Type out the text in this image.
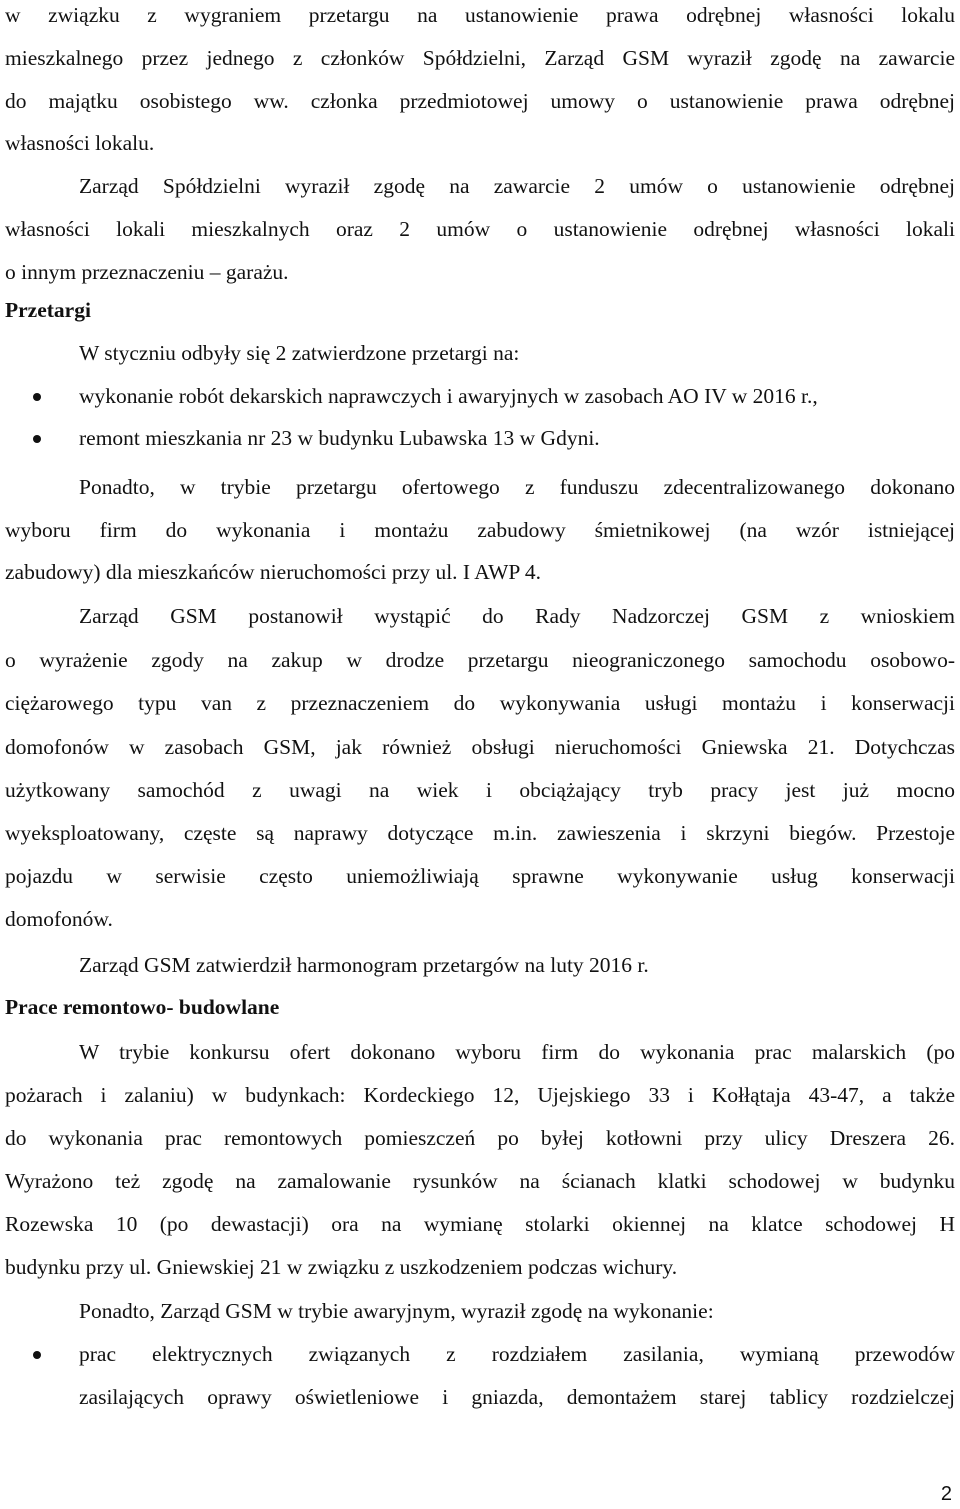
w związku z wygraniem przetargu na ustanowienie prawa odrębnej własności lokalu
mieszkalnego przez jednego z członków Spółdzielni, Zarząd GSM wyraził zgodę na zawarcie
do majątku osobistego ww. członka przedmiotowej umowy o ustanowienie prawa odrębnej
własności lokalu.
Zarząd Spółdzielni wyraził zgodę na zawarcie 2 umów o ustanowienie odrębnej
własności lokali mieszkalnych oraz 2 umów o ustanowienie odrębnej własności lokali
o innym przeznaczeniu – garażu.
Przetargi
W styczniu odbyły się 2 zatwierdzone przetargi na:
wykonanie robót dekarskich naprawczych i awaryjnych w zasobach AO IV w 2016 r.,
remont mieszkania nr 23 w budynku Lubawska 13 w Gdyni.
Ponadto, w trybie przetargu ofertowego z funduszu zdecentralizowanego dokonano
wyboru firm do wykonania i montażu zabudowy śmietnikowej (na wzór istniejącej
zabudowy) dla mieszkańców nieruchomości przy ul. I AWP 4.
Zarząd GSM postanowił wystąpić do Rady Nadzorczej GSM z wnioskiem
o wyrażenie zgody na zakup w drodze przetargu nieograniczonego samochodu osobowo-
ciężarowego typu van z przeznaczeniem do wykonywania usługi montażu i konserwacji
domofonów w zasobach GSM, jak również obsługi nieruchomości Gniewska 21. Dotychczas
użytkowany samochód z uwagi na wiek i obciążający tryb pracy jest już mocno
wyeksploatowany, częste są naprawy dotyczące m.in. zawieszenia i skrzyni biegów. Przestoje
pojazdu w serwisie często uniemożliwiają sprawne wykonywanie usług konserwacji
domofonów.
Zarząd GSM zatwierdził harmonogram przetargów na luty 2016 r.
Prace remontowo- budowlane
W trybie konkursu ofert dokonano wyboru firm do wykonania prac malarskich (po
pożarach i zalaniu) w budynkach: Kordeckiego 12, Ujejskiego 33 i Kołłątaja 43-47, a także
do wykonania prac remontowych pomieszczeń po byłej kotłowni przy ulicy Dreszera 26.
Wyrażono też zgodę na zamalowanie rysunków na ścianach klatki schodowej w budynku
Rozewska 10 (po dewastacji) ora na wymianę stolarki okiennej na klatce schodowej H
budynku przy ul. Gniewskiej 21 w związku z uszkodzeniem podczas wichury.
Ponadto, Zarząd GSM w trybie awaryjnym, wyraził zgodę na wykonanie:
prac elektrycznych związanych z rozdziałem zasilania, wymianą przewodów
zasilających oprawy oświetleniowe i gniazda, demontażem starej tablicy rozdzielczej
2
